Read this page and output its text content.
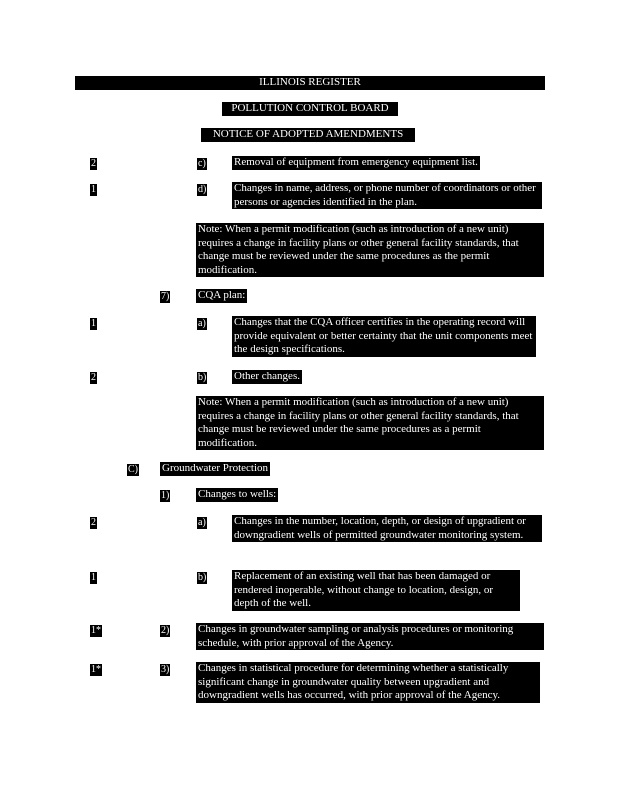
ILLINOIS REGISTER
POLLUTION CONTROL BOARD
NOTICE OF ADOPTED AMENDMENTS
2	c)	Removal of equipment from emergency equipment list.
1	d)	Changes in name, address, or phone number of coordinators or other persons or agencies identified in the plan.
Note: When a permit modification (such as introduction of a new unit) requires a change in facility plans or other general facility standards, that change must be reviewed under the same procedures as the permit modification.
7)	CQA plan:
1	a)	Changes that the CQA officer certifies in the operating record will provide equivalent or better certainty that the unit components meet the design specifications.
2	b)	Other changes.
Note: When a permit modification (such as introduction of a new unit) requires a change in facility plans or other general facility standards, that change must be reviewed under the same procedures as a permit modification.
C) Groundwater Protection
1)	Changes to wells:
2	a)	Changes in the number, location, depth, or design of upgradient or downgradient wells of permitted groundwater monitoring system.
1	b)	Replacement of an existing well that has been damaged or rendered inoperable, without change to location, design, or depth of the well.
1*	2)	Changes in groundwater sampling or analysis procedures or monitoring schedule, with prior approval of the Agency.
1*	3)	Changes in statistical procedure for determining whether a statistically significant change in groundwater quality between upgradient and downgradient wells has occurred, with prior approval of the Agency.
